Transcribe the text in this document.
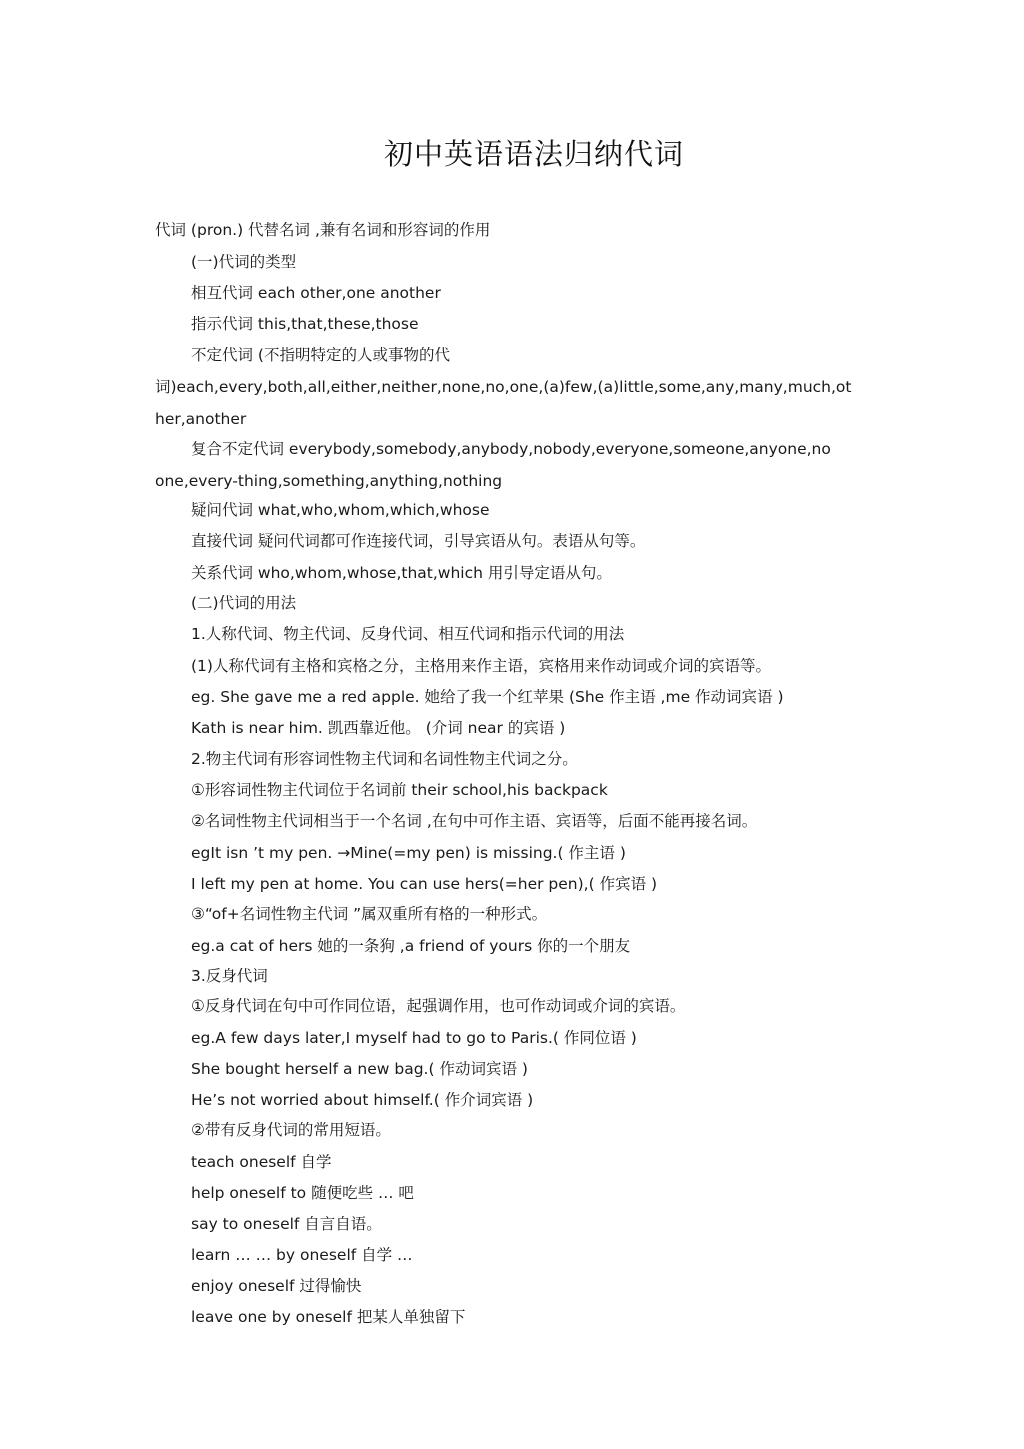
初中英语语法归纳代词
代词 (pron.) 代替名词 ,兼有名词和形容词的作用
(一)代词的类型
相互代词 each other,one another
指示代词 this,that,these,those
不定代词 (不指明特定的人或事物的代
词)each,every,both,all,either,neither,none,no,one,(a)few,(a)little,some,any,many,much,ot
her,another
复合不定代词 everybody,somebody,anybody,nobody,everyone,someone,anyone,no
one,every-thing,something,anything,nothing
疑问代词 what,who,whom,which,whose
直接代词 疑问代词都可作连接代词，引导宾语从句。表语从句等。
关系代词 who,whom,whose,that,which 用引导定语从句。
(二)代词的用法
1.人称代词、物主代词、反身代词、相互代词和指示代词的用法
(1)人称代词有主格和宾格之分，主格用来作主语，宾格用来作动词或介词的宾语等。
eg. She gave me a red apple. 她给了我一个红苹果 (She 作主语 ,me 作动词宾语 )
Kath is near him. 凯西靠近他。 (介词 near 的宾语 )
2.物主代词有形容词性物主代词和名词性物主代词之分。
①形容词性物主代词位于名词前 their school,his backpack
②名词性物主代词相当于一个名词 ,在句中可作主语、宾语等，后面不能再接名词。
egIt isn ’t my pen. →Mine(=my pen) is missing.( 作主语 )
I left my pen at home. You can use hers(=her pen),( 作宾语 )
③“of+名词性物主代词 ”属双重所有格的一种形式。
eg.a cat of hers 她的一条狗 ,a friend of yours 你的一个朋友
3.反身代词
①反身代词在句中可作同位语，起强调作用，也可作动词或介词的宾语。
eg.A few days later,I myself had to go to Paris.( 作同位语 )
She bought herself a new bag.( 作动词宾语 )
He’s not worried about himself.( 作介词宾语 )
②带有反身代词的常用短语。
teach oneself 自学
help oneself to 随便吃些 … 吧
say to oneself 自言自语。
learn … … by oneself 自学 …
enjoy oneself 过得愉快
leave one by oneself 把某人单独留下
